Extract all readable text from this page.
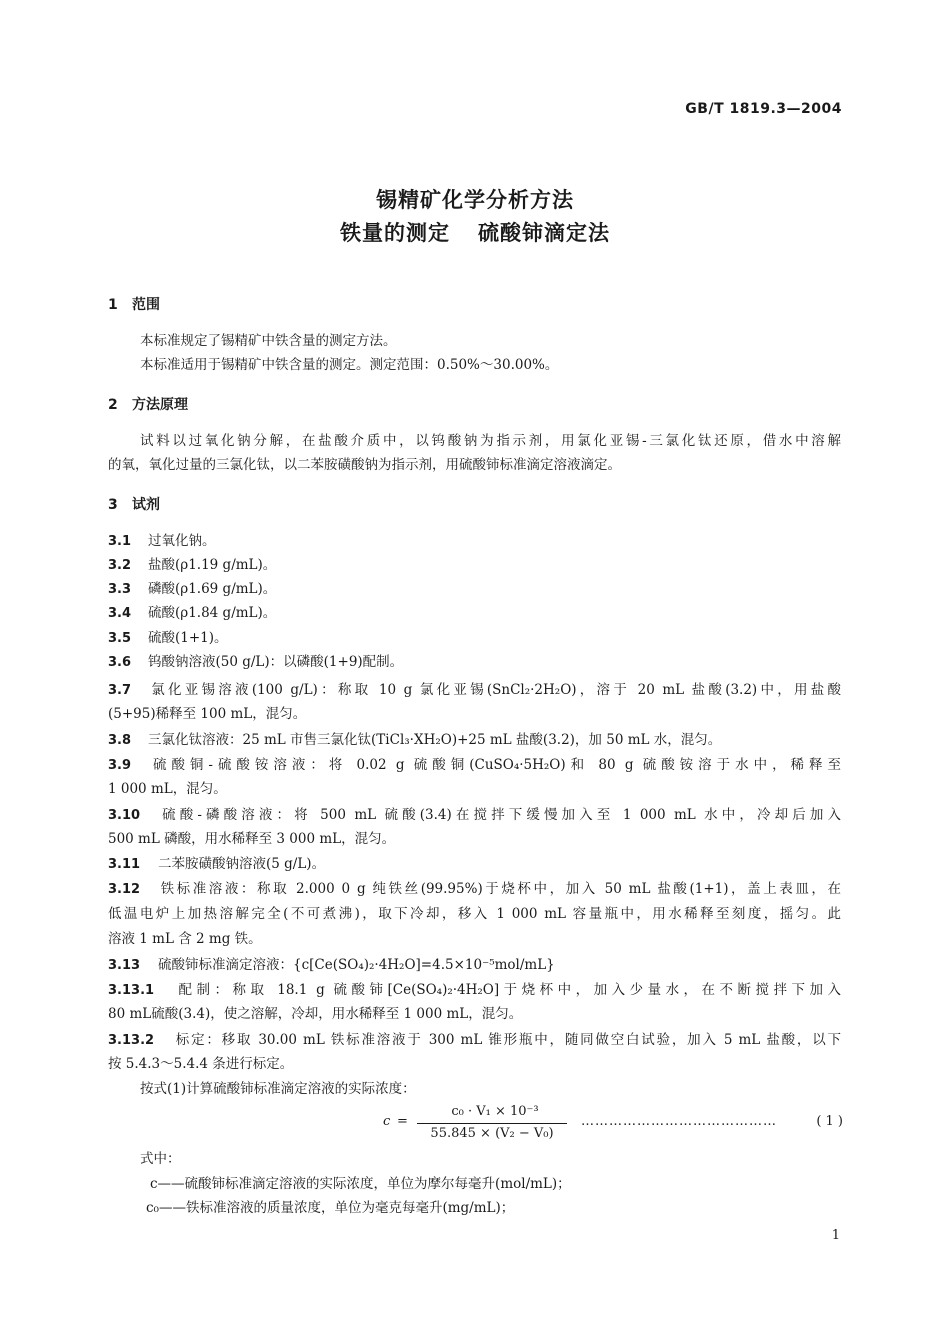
GB/T 1819.3—2004
锡精矿化学分析方法
铁量的测定 硫酸铈滴定法
1 范围
本标准规定了锡精矿中铁含量的测定方法。
本标准适用于锡精矿中铁含量的测定。测定范围：0.50%～30.00%。
2 方法原理
试料以过氧化钠分解，在盐酸介质中，以钨酸钠为指示剂，用氯化亚锡-三氯化钛还原，借水中溶解
的氧，氧化过量的三氯化钛，以二苯胺磺酸钠为指示剂，用硫酸铈标准滴定溶液滴定。
3 试剂
3.1 过氧化钠。
3.2 盐酸(ρ1.19 g/mL)。
3.3 磷酸(ρ1.69 g/mL)。
3.4 硫酸(ρ1.84 g/mL)。
3.5 硫酸(1+1)。
3.6 钨酸钠溶液(50 g/L)：以磷酸(1+9)配制。
3.7 氯化亚锡溶液(100 g/L)：称取 10 g 氯化亚锡(SnCl₂·2H₂O)，溶于 20 mL 盐酸(3.2)中，用盐酸
(5+95)稀释至 100 mL，混匀。
3.8 三氯化钛溶液：25 mL 市售三氯化钛(TiCl₃·XH₂O)+25 mL 盐酸(3.2)，加 50 mL 水，混匀。
3.9 硫酸铜-硫酸铵溶液：将 0.02 g 硫酸铜(CuSO₄·5H₂O)和 80 g 硫酸铵溶于水中，稀释至
1 000 mL，混匀。
3.10 硫酸-磷酸溶液：将 500 mL 硫酸(3.4)在搅拌下缓慢加入至 1 000 mL 水中，冷却后加入
500 mL 磷酸，用水稀释至 3 000 mL，混匀。
3.11 二苯胺磺酸钠溶液(5 g/L)。
3.12 铁标准溶液：称取 2.000 0 g 纯铁丝(99.95%)于烧杯中，加入 50 mL 盐酸(1+1)，盖上表皿，在
低温电炉上加热溶解完全(不可煮沸)，取下冷却，移入 1 000 mL 容量瓶中，用水稀释至刻度，摇匀。此
溶液 1 mL 含 2 mg 铁。
3.13 硫酸铈标准滴定溶液：{c[Ce(SO₄)₂·4H₂O]=4.5×10⁻⁵mol/mL}
3.13.1 配制：称取 18.1 g 硫酸铈[Ce(SO₄)₂·4H₂O]于烧杯中，加入少量水，在不断搅拌下加入
80 mL硫酸(3.4)，使之溶解，冷却，用水稀释至 1 000 mL，混匀。
3.13.2 标定：移取 30.00 mL 铁标准溶液于 300 mL 锥形瓶中，随同做空白试验，加入 5 mL 盐酸，以下
按 5.4.3～5.4.4 条进行标定。
按式(1)计算硫酸铈标准滴定溶液的实际浓度：
c =
c₀ · V₁ × 10⁻³
55.845 × (V₂ − V₀)
……………………………………	( 1 )
式中：
c——硫酸铈标准滴定溶液的实际浓度，单位为摩尔每毫升(mol/mL)；
c₀——铁标准溶液的质量浓度，单位为毫克每毫升(mg/mL)；
1
